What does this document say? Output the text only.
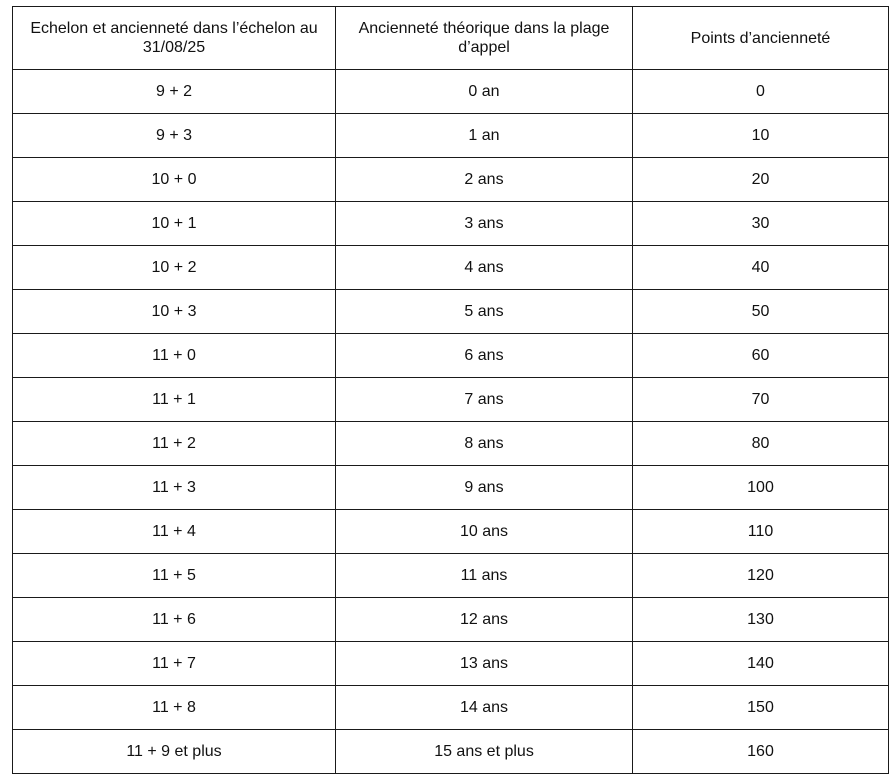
Echelon et ancienneté dans l’échelon au 31/08/25	Ancienneté théorique dans la plage d’appel	Points d’ancienneté
9 + 2	0 an	0
9 + 3	1 an	10
10 + 0	2 ans	20
10 + 1	3 ans	30
10 + 2	4 ans	40
10 + 3	5 ans	50
11 + 0	6 ans	60
11 + 1	7 ans	70
11 + 2	8 ans	80
11 + 3	9 ans	100
11 + 4	10 ans	110
11 + 5	11 ans	120
11 + 6	12 ans	130
11 + 7	13 ans	140
11 + 8	14 ans	150
11 + 9 et plus	15 ans et plus	160
